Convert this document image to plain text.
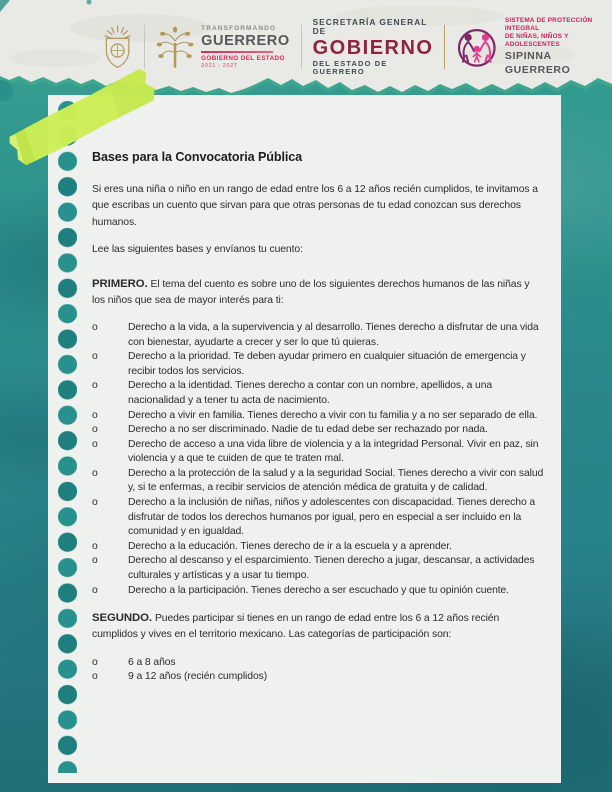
TRANSFORMANDO
GUERRERO
GOBIERNO DEL ESTADO
2021 - 2027
SECRETARÍA GENERAL DE
GOBIERNO
DEL ESTADO DE GUERRERO
SISTEMA DE PROTECCIÓN INTEGRAL
DE NIÑAS, NIÑOS Y ADOLESCENTES
SIPINNA GUERRERO
Bases para la Convocatoria Pública

Si eres una niña o niño en un rango de edad entre los 6 a 12 años recién cumplidos, te invitamos a que escribas un cuento que sirvan para que otras personas de tu edad conozcan sus derechos humanos.

Lee las siguientes bases y envíanos tu cuento:

PRIMERO. El tema del cuento es sobre uno de los siguientes derechos humanos de las niñas y los niños que sea de mayor interés para ti:

o	Derecho a la vida, a la supervivencia y al desarrollo. Tienes derecho a disfrutar de una vida con bienestar, ayudarte a crecer y ser lo que tú quieras.
o	Derecho a la prioridad. Te deben ayudar primero en cualquier situación de emergencia y recibir todos los servicios.
o	Derecho a la identidad. Tienes derecho a contar con un nombre, apellidos, a una nacionalidad y a tener tu acta de nacimiento.
o	Derecho a vivir en familia. Tienes derecho a vivir con tu familia y a no ser separado de ella.
o	Derecho a no ser discriminado. Nadie de tu edad debe ser rechazado por nada.
o	Derecho de acceso a una vida libre de violencia y a la integridad Personal. Vivir en paz, sin violencia y a que te cuiden de que te traten mal.
o	Derecho a la protección de la salud y a la seguridad Social. Tienes derecho a vivir con salud y, si te enfermas, a recibir servicios de atención médica de gratuita y de calidad.
o	Derecho a la inclusión de niñas, niños y adolescentes con discapacidad. Tienes derecho a disfrutar de todos los derechos humanos por igual, pero en especial a ser incluido en la comunidad y en igualdad.
o	Derecho a la educación. Tienes derecho de ir a la escuela y a aprender.
o	Derecho al descanso y el esparcimiento. Tienen derecho a jugar, descansar, a actividades culturales y artísticas y a usar tu tiempo.
o	Derecho a la participación. Tienes derecho a ser escuchado y que tu opinión cuente.

SEGUNDO. Puedes participar si tienes en un rango de edad entre los 6 a 12 años recién cumplidos y vives en el territorio mexicano. Las categorías de participación son:

o	6 a 8 años
o	9 a 12 años (recién cumplidos)
